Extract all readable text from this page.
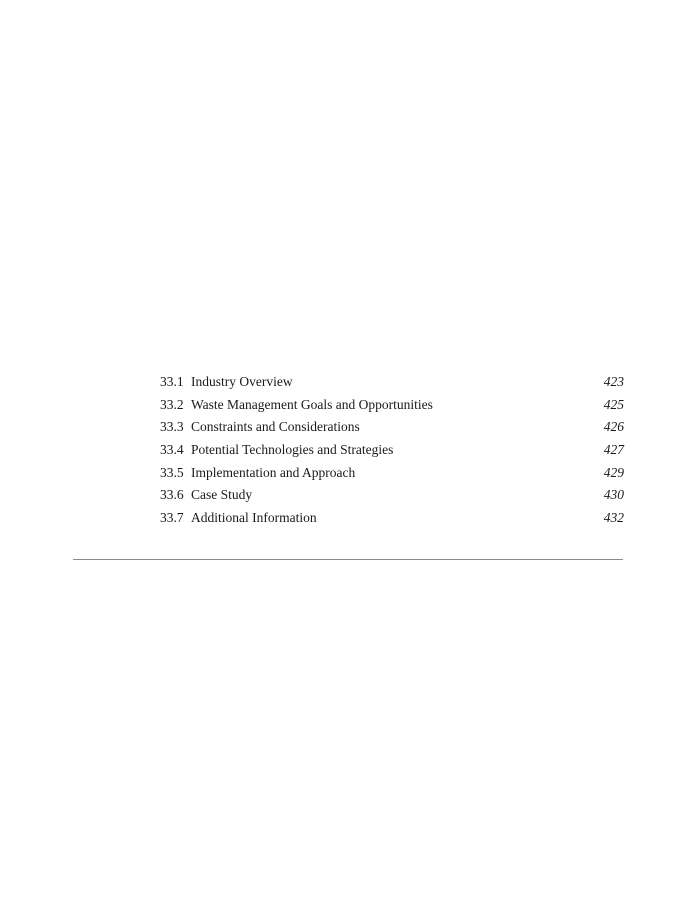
33.1 Industry Overview	423
33.2 Waste Management Goals and Opportunities	425
33.3 Constraints and Considerations	426
33.4 Potential Technologies and Strategies	427
33.5 Implementation and Approach	429
33.6 Case Study	430
33.7 Additional Information	432
